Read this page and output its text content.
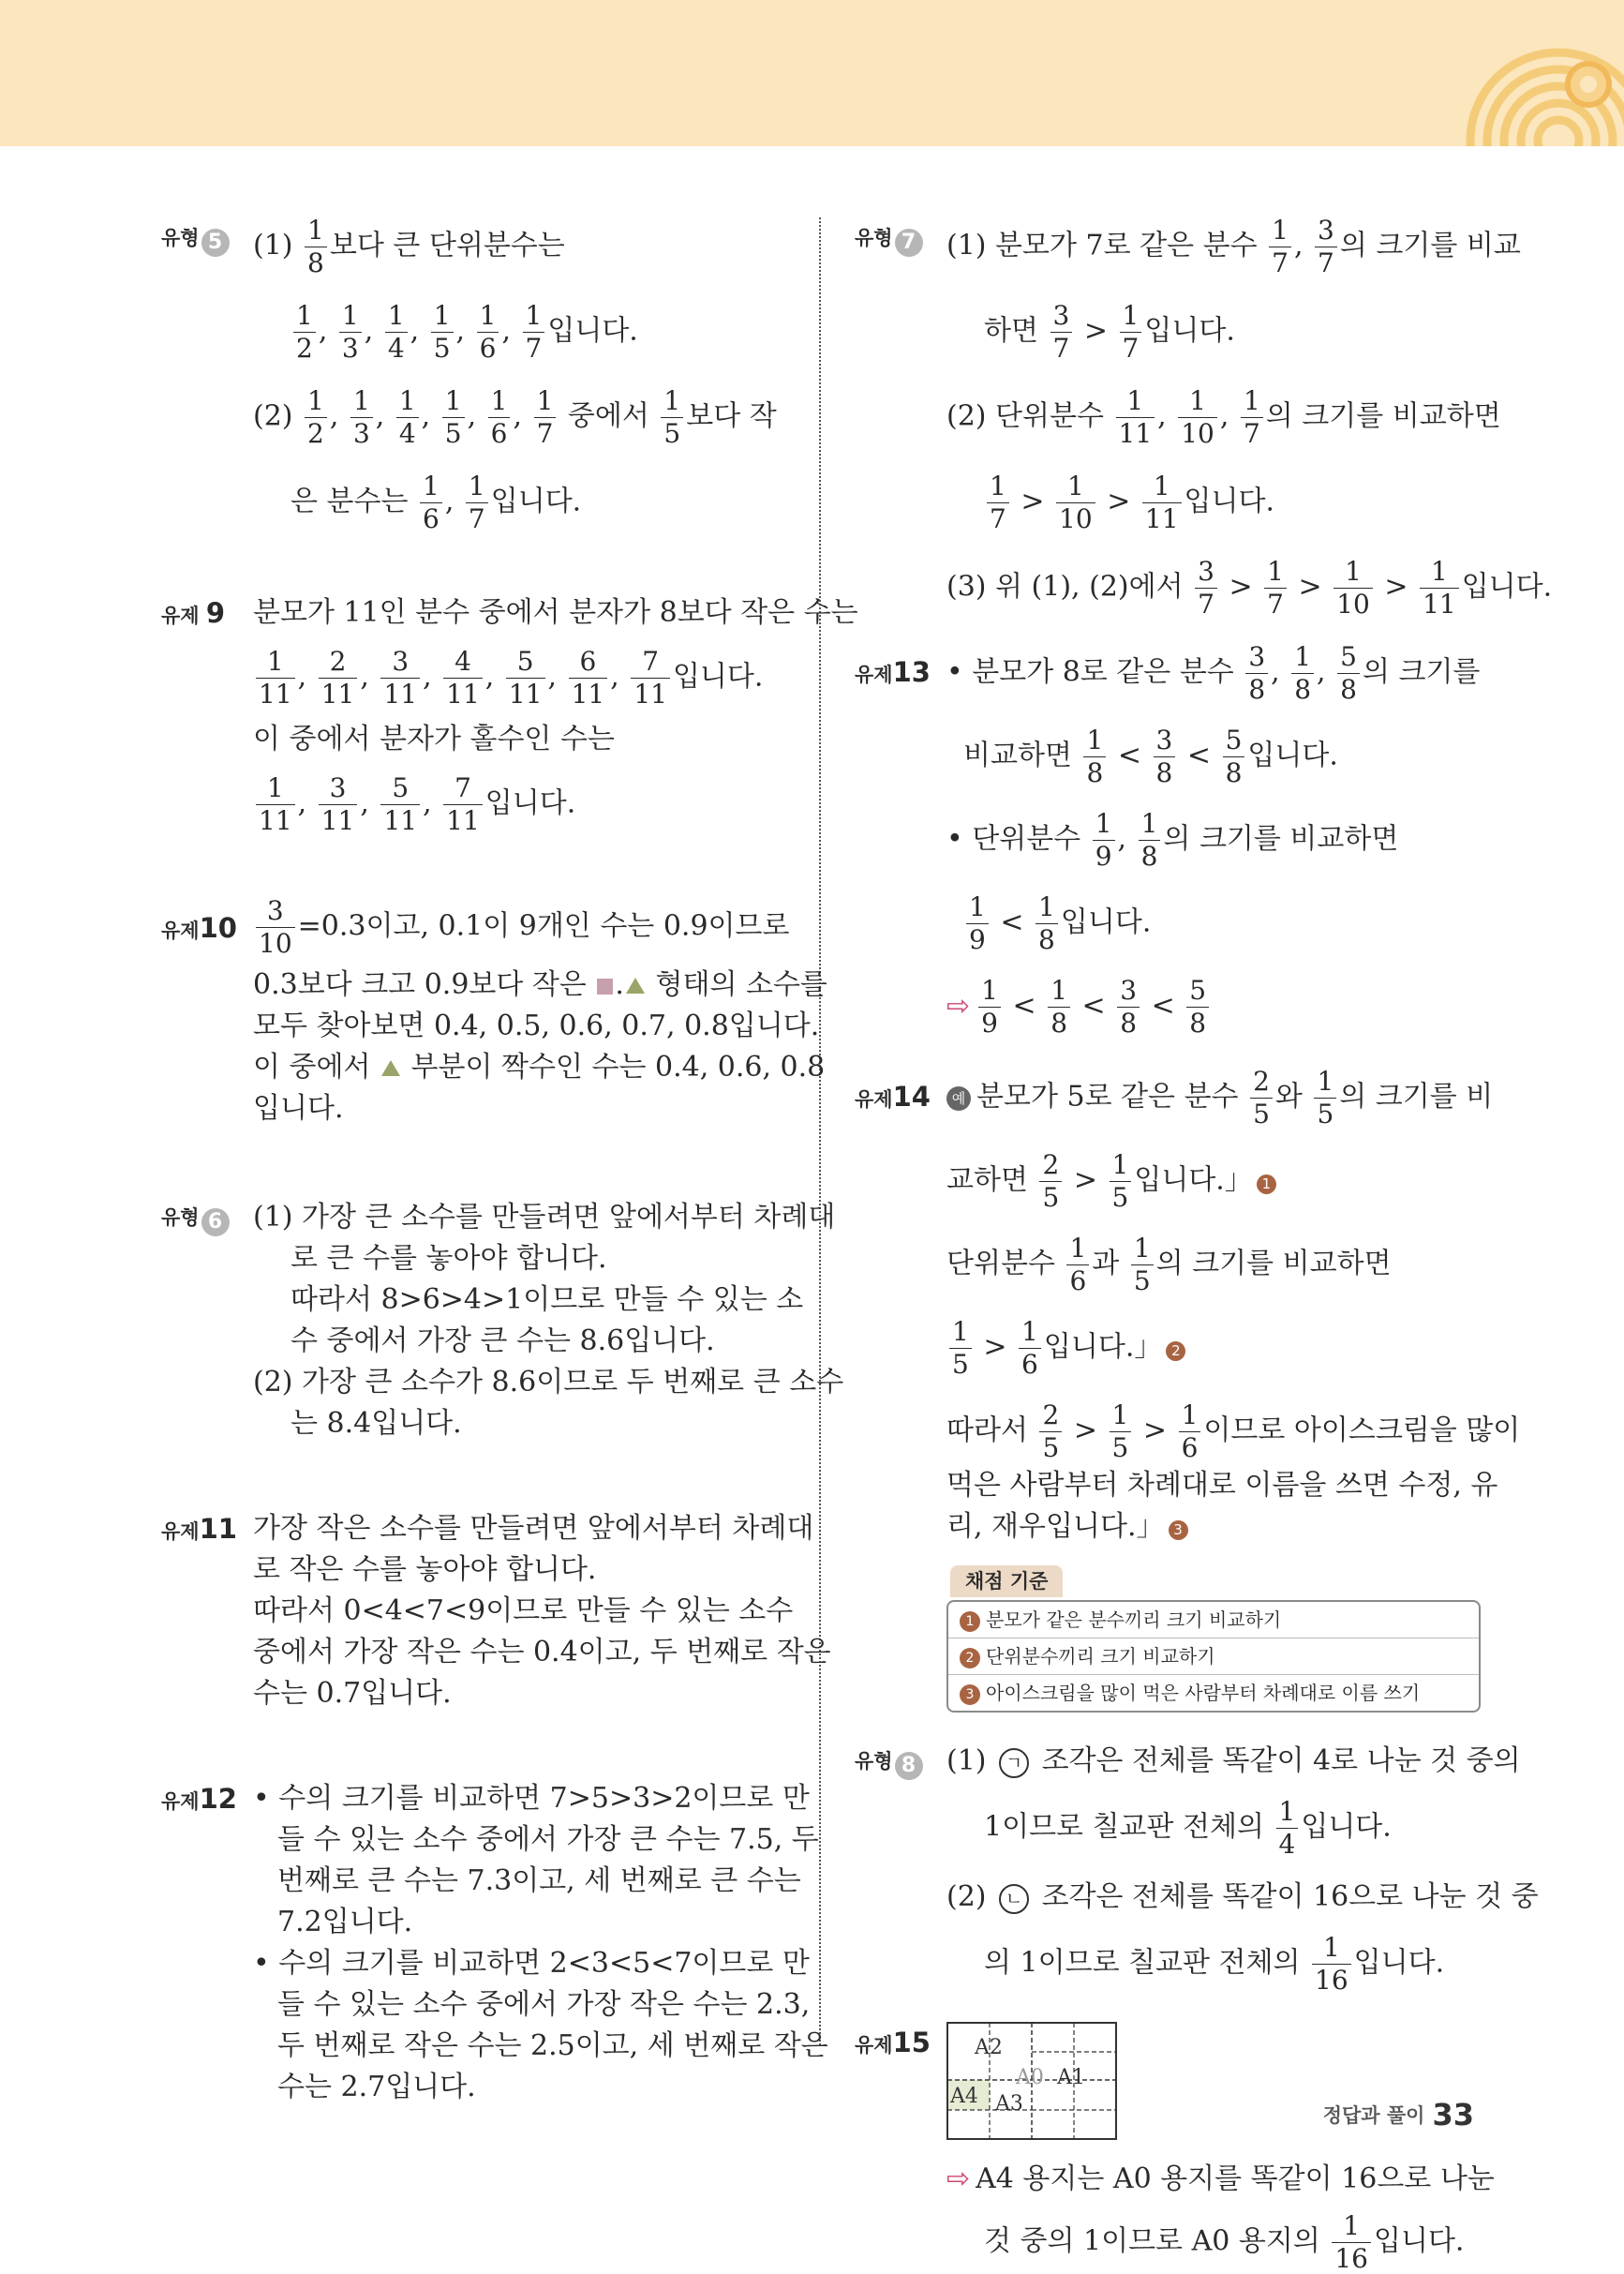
유형 5 $(1) \frac{1}{8}$ 보다 큰 단위분수는
$\frac{1}{2}$ , $\frac{1}{3}$ , $\frac{1}{4}$ , $\frac{1}{5}$ , $\frac{1}{6}$ , $\frac{1}{7}$ 입니다.
$(2) \frac{1}{2}$ , $\frac{1}{3}$ , $\frac{1}{4}$ , $\frac{1}{5}$ , $\frac{1}{6}$ , $\frac{1}{7}$ 중에서 $\frac{1}{5}$ 보다 작
은 분수는 $\frac{1}{6}$ , $\frac{1}{7}$ 입니다.
유제 9 분모가 11인 분수 중에서 분자가 8보다 작은 수는
$\frac{1}{11}$ , $\frac{2}{11}$ , $\frac{3}{11}$ , $\frac{4}{11}$ , $\frac{5}{11}$ , $\frac{6}{11}$ , $\frac{7}{11}$ 입니다.
이 중에서 분자가 홀수인 수는
$\frac{1}{11}$ , $\frac{3}{11}$ , $\frac{5}{11}$ , $\frac{7}{11}$ 입니다.
유제$10 \frac{3}{10} =0.3$이고, 0.1이 9개인 수는 0.9이므로
0.3보다 크고 0.9보다 작은 . 형태의 소수를
모두 찾아보면 0.4, 0.5, 0.6, 0.7, 0.8입니다.
이 중에서  부분이 짝수인 수는 0.4, 0.6, 0.8
입니다.
유형 6 (1) 가장 큰 소수를 만들려면 앞에서부터 차례대
로 큰 수를 놓아야 합니다.
따라서 8>6>4>1이므로 만들 수 있는 소
수 중에서 가장 큰 수는 8.6입니다.
(2) 가장 큰 소수가 8.6이므로 두 번째로 큰 소수
는 8.4입니다.
유제11 가장 작은 소수를 만들려면 앞에서부터 차례대
로 작은 수를 놓아야 합니다.
따라서 0<4<7<9이므로 만들 수 있는 소수
중에서 가장 작은 수는 0.4이고, 두 번째로 작은
수는 0.7입니다.
유제12 • 수의 크기를 비교하면 7>5>3>2이므로 만
들 수 있는 소수 중에서 가장 큰 수는 7.5, 두
번째로 큰 수는 7.3이고, 세 번째로 큰 수는
7.2입니다.
• 수의 크기를 비교하면 2<3<5<7이므로 만
들 수 있는 소수 중에서 가장 작은 수는 2.3,
두 번째로 작은 수는 2.5이고, 세 번째로 작은
수는 2.7입니다.
유형 7 (1) 분모가 7로 같은 분수 $\frac{1}{7}$ , $\frac{3}{7}$ 의 크기를 비교
하면 $\frac{3}{7} > \frac{1}{7}$ 입니다.
(2) 단위분수 $\frac{1}{11}$ , $\frac{1}{10}$ , $\frac{1}{7}$ 의 크기를 비교하면
$\frac{1}{7} > \frac{1}{10} > \frac{1}{11}$ 입니다.
(3) 위 (1), (2)에서 $\frac{3}{7} > \frac{1}{7} > \frac{1}{10} > \frac{1}{11}$ 입니다.
유제13 • 분모가 8로 같은 분수 $\frac{3}{8}$ , $\frac{1}{8}$ , $\frac{5}{8}$ 의 크기를
비교하면 $\frac{1}{8} < \frac{3}{8} < \frac{5}{8}$ 입니다.
• 단위분수 $\frac{1}{9}$ , $\frac{1}{8}$ 의 크기를 비교하면
$\frac{1}{9} < \frac{1}{8}$ 입니다.
⇨ $\frac{1}{9} < \frac{1}{8} < \frac{3}{8} < \frac{5}{8}$
유제14	예 분모가 5로 같은 분수 $\frac{2}{5}$ 와 $\frac{1}{5}$ 의 크기를 비
교하면 $\frac{2}{5} > \frac{1}{5}$ 입니다.」 1
단위분수 $\frac{1}{6}$ 과 $\frac{1}{5}$ 의 크기를 비교하면
$\frac{1}{5} > \frac{1}{6}$ 입니다.」 2
따라서 $\frac{2}{5} > \frac{1}{5} > \frac{1}{6}$ 이므로 아이스크림을 많이
먹은 사람부터 차례대로 이름을 쓰면 수정, 유
리, 재우입니다.」 3
채점 기준
1 분모가 같은 분수끼리 크기 비교하기
2 단위분수끼리 크기 비교하기
3 아이스크림을 많이 먹은 사람부터 차례대로 이름 쓰기
유형 8 (1) ㄱ 조각은 전체를 똑같이 4로 나눈 것 중의
1이므로 칠교판 전체의 $\frac{1}{4}$ 입니다.
(2) ㄴ 조각은 전체를 똑같이 16으로 나눈 것 중
의 1이므로 칠교판 전체의 $\frac{1}{16}$ 입니다.
유제15 A2
A4 A3
A0 A1
⇨ A4 용지는 A0 용지를 똑같이 16으로 나눈
것 중의 1이므로 A0 용지의 $\frac{1}{16}$ 입니다.
정답과 풀이 33
